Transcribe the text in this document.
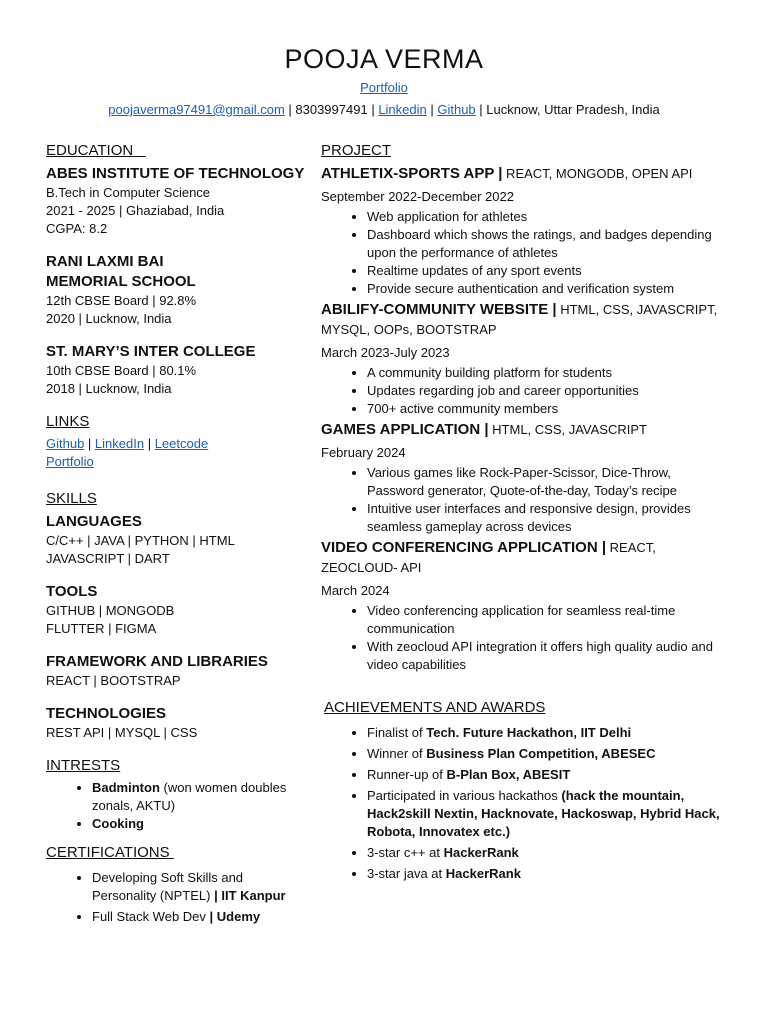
POOJA VERMA
Portfolio
poojaverma97491@gmail.com | 8303997491 | Linkedin | Github | Lucknow, Uttar Pradesh, India
EDUCATION
ABES INSTITUTE OF TECHNOLOGY
B.Tech in Computer Science
2021 - 2025 | Ghaziabad, India
CGPA: 8.2
RANI LAXMI BAI
MEMORIAL SCHOOL
12th CBSE Board | 92.8%
2020 | Lucknow, India
ST. MARY’S INTER COLLEGE
10th CBSE Board | 80.1%
2018 | Lucknow, India
LINKS
Github | LinkedIn | Leetcode
Portfolio
SKILLS
LANGUAGES
C/C++ | JAVA | PYTHON | HTML
JAVASCRIPT | DART
TOOLS
GITHUB | MONGODB
FLUTTER | FIGMA
FRAMEWORK AND LIBRARIES
REACT | BOOTSTRAP
TECHNOLOGIES
REST API | MYSQL | CSS
INTRESTS
• Badminton (won women doubles zonals, AKTU)
• Cooking
CERTIFICATIONS
• Developing Soft Skills and Personality (NPTEL) | IIT Kanpur
• Full Stack Web Dev | Udemy
PROJECT
ATHLETIX-SPORTS APP | REACT, MONGODB, OPEN API
September 2022-December 2022
• Web application for athletes
• Dashboard which shows the ratings, and badges depending upon the performance of athletes
• Realtime updates of any sport events
• Provide secure authentication and verification system
ABILIFY-COMMUNITY WEBSITE | HTML, CSS, JAVASCRIPT, MYSQL, OOPs, BOOTSTRAP
March 2023-July 2023
• A community building platform for students
• Updates regarding job and career opportunities
• 700+ active community members
GAMES APPLICATION | HTML, CSS, JAVASCRIPT
February 2024
• Various games like Rock-Paper-Scissor, Dice-Throw, Password generator, Quote-of-the-day, Today’s recipe
• Intuitive user interfaces and responsive design, provides seamless gameplay across devices
VIDEO CONFERENCING APPLICATION | REACT, ZEOCLOUD- API
March 2024
• Video conferencing application for seamless real-time communication
• With zeocloud API integration it offers high quality audio and video capabilities
ACHIEVEMENTS AND AWARDS
• Finalist of Tech. Future Hackathon, IIT Delhi
• Winner of Business Plan Competition, ABESEC
• Runner-up of B-Plan Box, ABESIT
• Participated in various hackathos (hack the mountain, Hack2skill Nextin, Hacknovate, Hackoswap, Hybrid Hack, Robota, Innovatex etc.)
• 3-star c++ at HackerRank
• 3-star java at HackerRank
